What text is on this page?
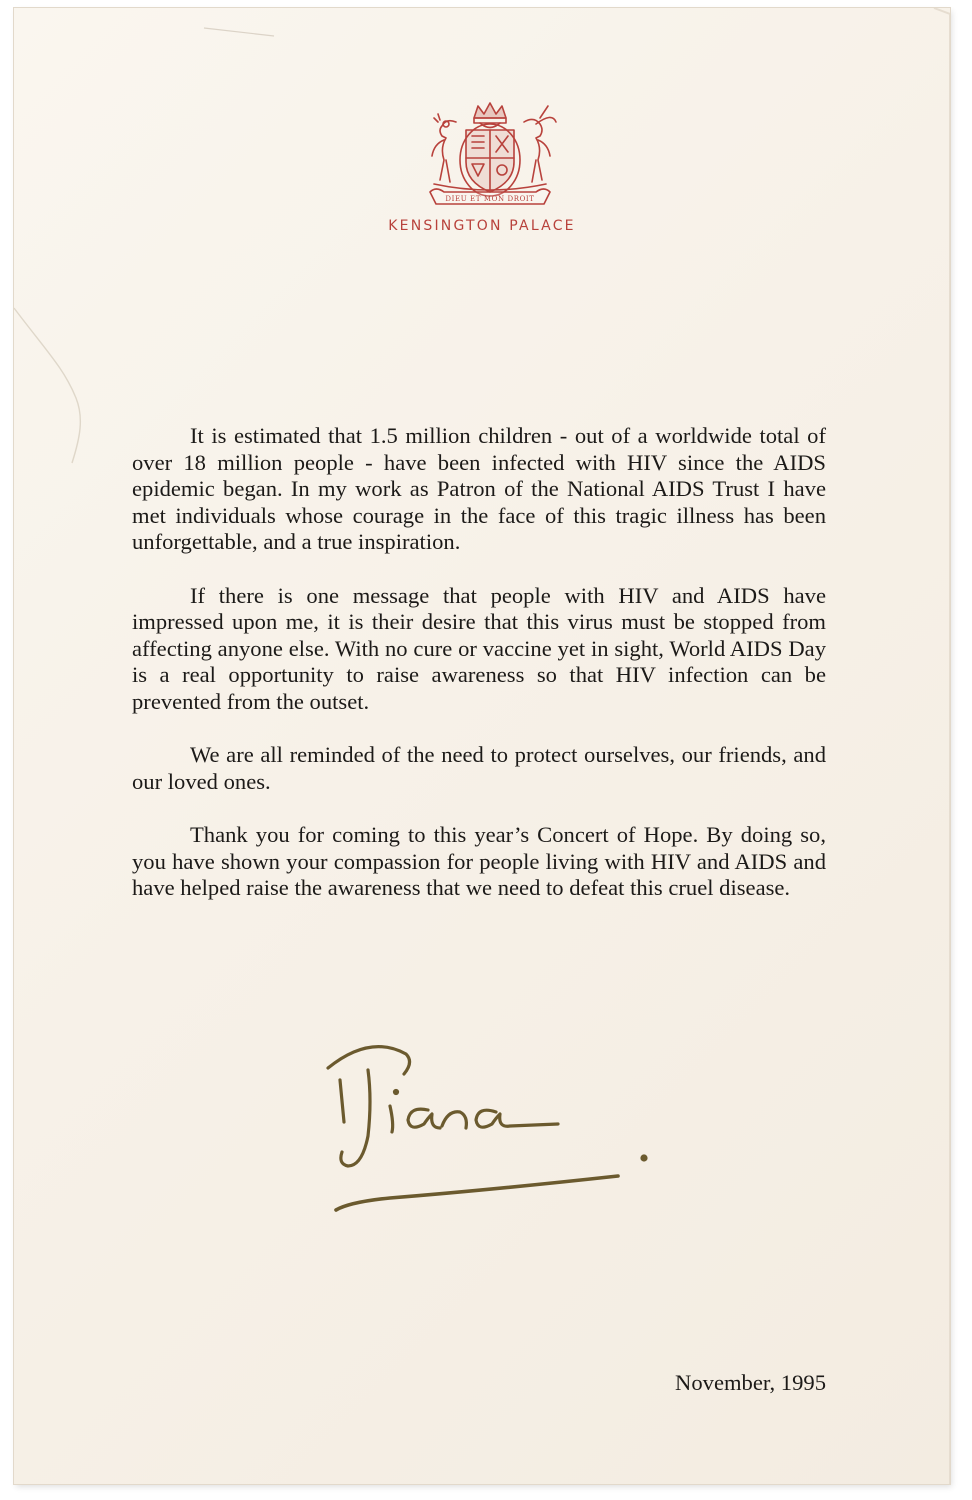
DIEU ET MON DROIT
KENSINGTON PALACE

It is estimated that 1.5 million children - out of a worldwide total of over 18 million people - have been infected with HIV since the AIDS epidemic began. In my work as Patron of the National AIDS Trust I have met individuals whose courage in the face of this tragic illness has been unforgettable, and a true inspiration.

If there is one message that people with HIV and AIDS have impressed upon me, it is their desire that this virus must be stopped from affecting anyone else. With no cure or vaccine yet in sight, World AIDS Day is a real opportunity to raise awareness so that HIV infection can be prevented from the outset.

We are all reminded of the need to protect ourselves, our friends, and our loved ones.

Thank you for coming to this year’s Concert of Hope. By doing so, you have shown your compassion for people living with HIV and AIDS and have helped raise the awareness that we need to defeat this cruel disease.

November, 1995
